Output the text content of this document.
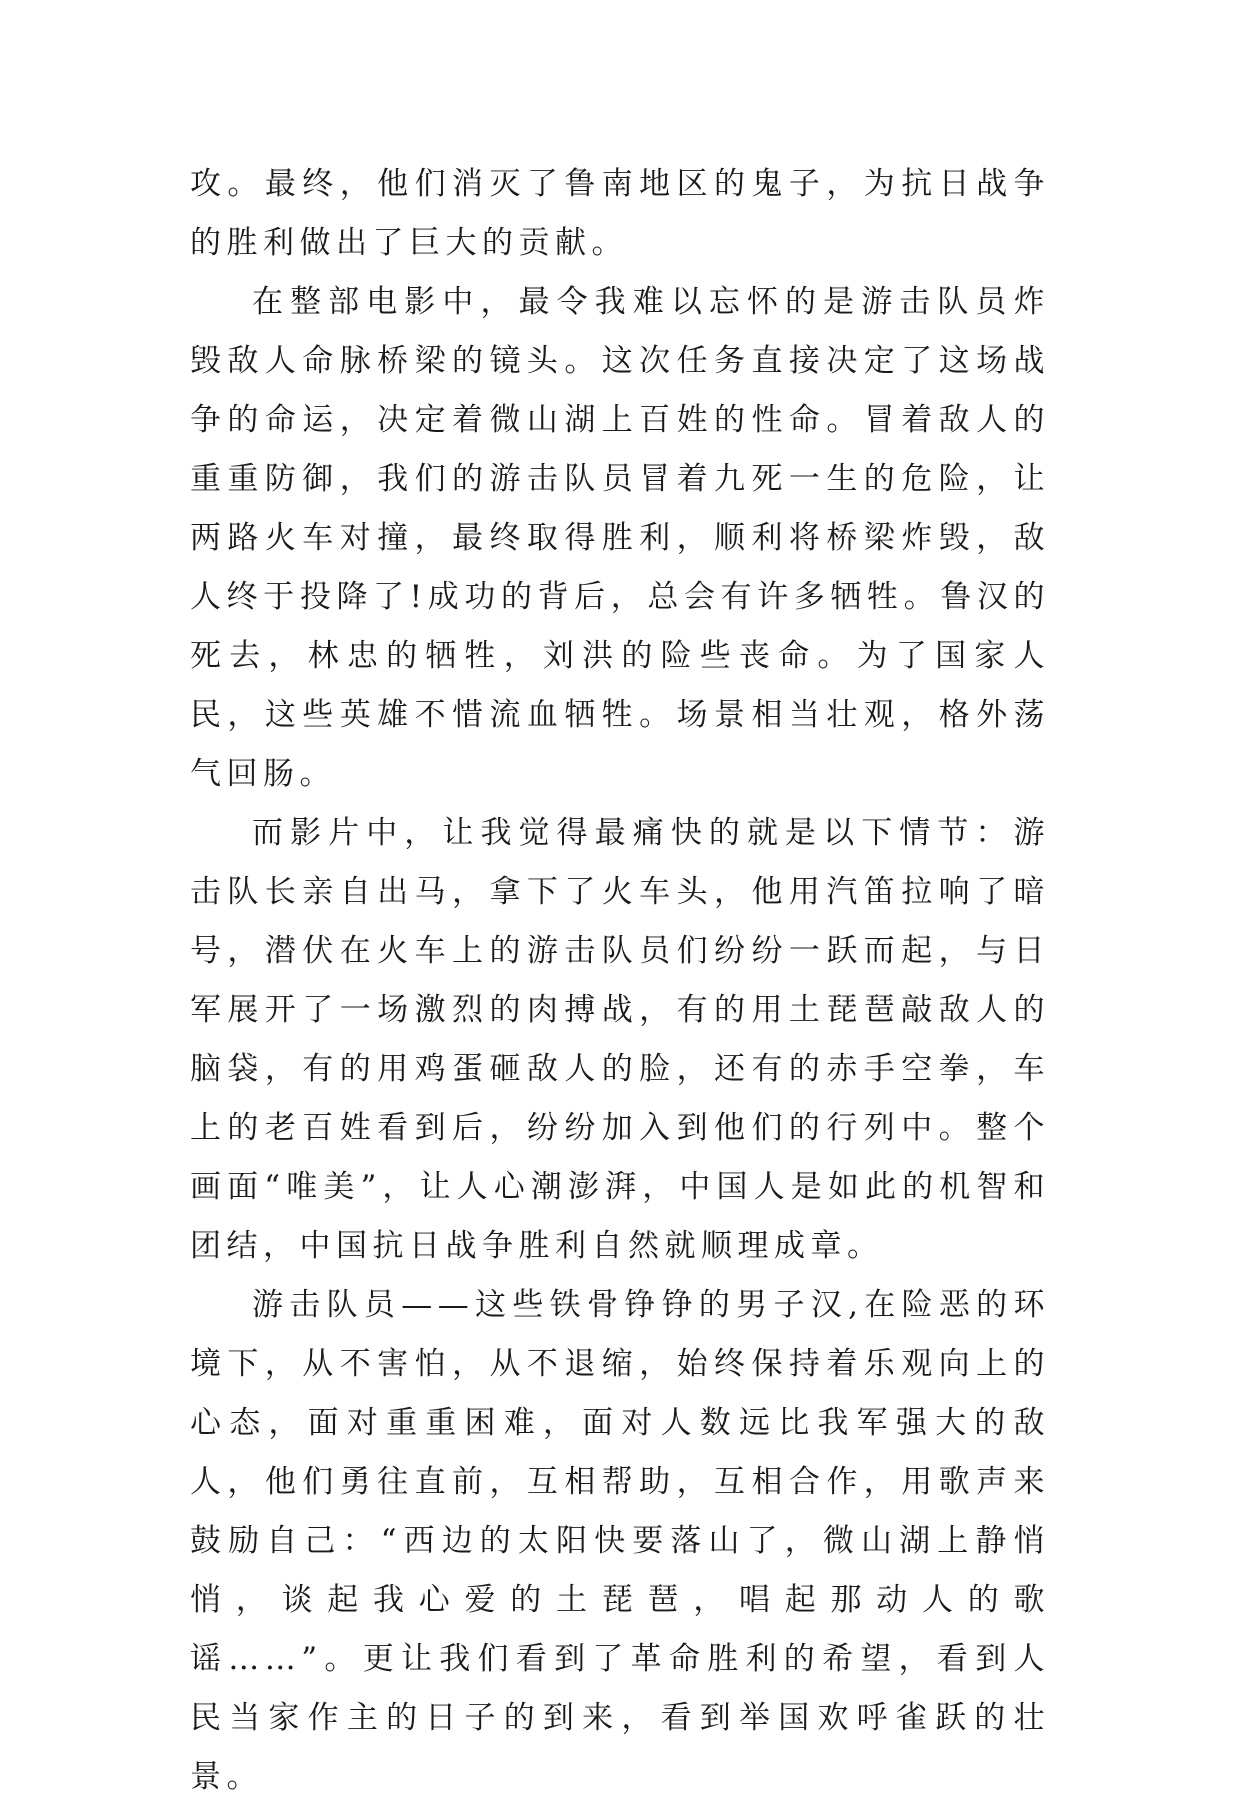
攻。最终，他们消灭了鲁南地区的鬼子，为抗日战争的胜利做出了巨大的贡献。

在整部电影中，最令我难以忘怀的是游击队员炸毁敌人命脉桥梁的镜头。这次任务直接决定了这场战争的命运，决定着微山湖上百姓的性命。冒着敌人的重重防御，我们的游击队员冒着九死一生的危险，让两路火车对撞，最终取得胜利，顺利将桥梁炸毁，敌人终于投降了!成功的背后，总会有许多牺牲。鲁汉的死去，林忠的牺牲，刘洪的险些丧命。为了国家人民，这些英雄不惜流血牺牲。场景相当壮观，格外荡气回肠。

而影片中，让我觉得最痛快的就是以下情节：游击队长亲自出马，拿下了火车头，他用汽笛拉响了暗号，潜伏在火车上的游击队员们纷纷一跃而起，与日军展开了一场激烈的肉搏战，有的用土琵琶敲敌人的脑袋，有的用鸡蛋砸敌人的脸，还有的赤手空拳，车上的老百姓看到后，纷纷加入到他们的行列中。整个画面“唯美”，让人心潮澎湃，中国人是如此的机智和团结，中国抗日战争胜利自然就顺理成章。

游击队员——这些铁骨铮铮的男子汉,在险恶的环境下，从不害怕，从不退缩，始终保持着乐观向上的心态，面对重重困难，面对人数远比我军强大的敌人，他们勇往直前，互相帮助，互相合作，用歌声来鼓励自己：“西边的太阳快要落山了，微山湖上静悄悄，谈起我心爱的土琵琶，唱起那动人的歌谣……”。更让我们看到了革命胜利的希望，看到人民当家作主的日子的到来，看到举国欢呼雀跃的壮景。
